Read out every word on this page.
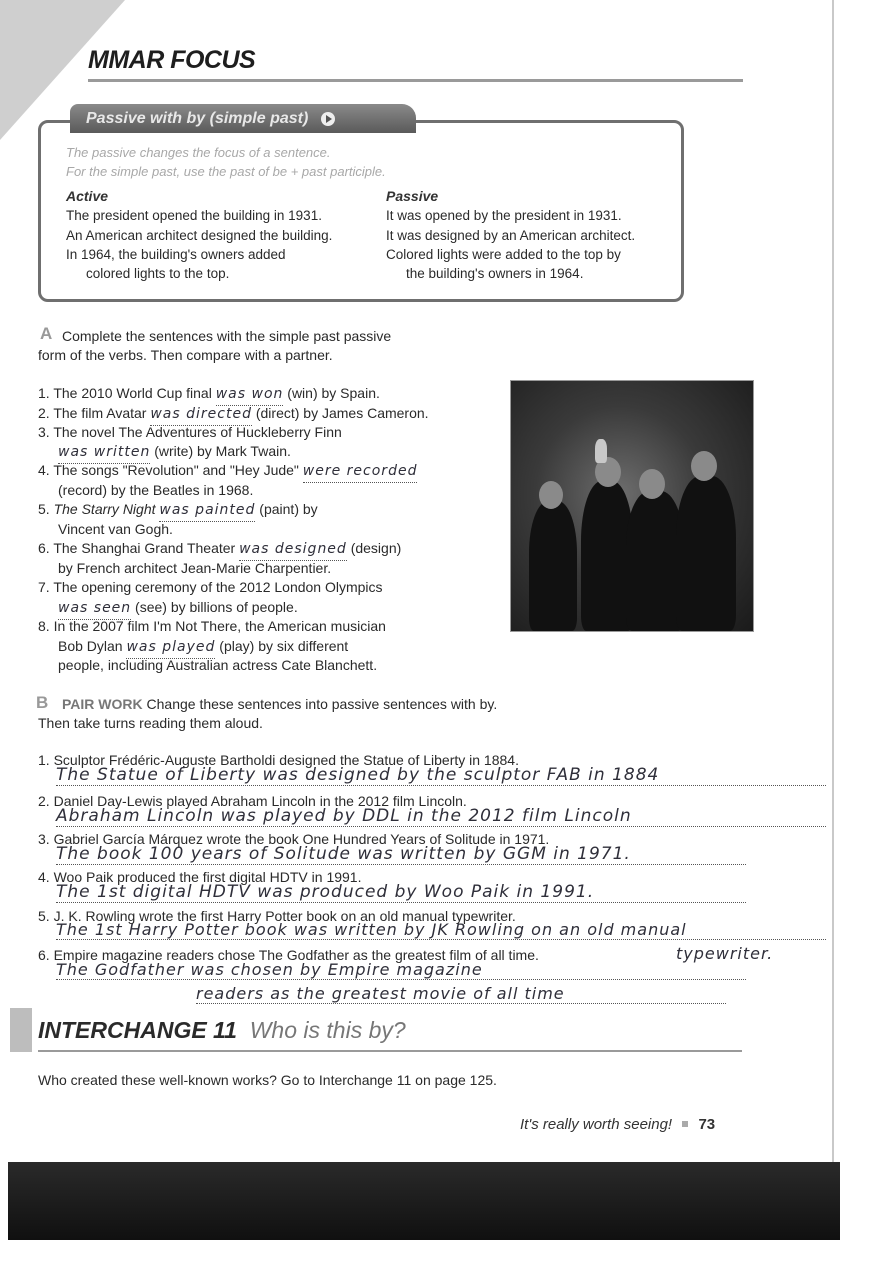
MMAR FOCUS
Passive with by (simple past)
The passive changes the focus of a sentence.
For the simple past, use the past of be + past participle.
Active	Passive
The president opened the building in 1931.
An American architect designed the building.
In 1964, the building's owners added
colored lights to the top.
It was opened by the president in 1931.
It was designed by an American architect.
Colored lights were added to the top by
the building's owners in 1964.
A Complete the sentences with the simple past passive
form of the verbs. Then compare with a partner.
1. The 2010 World Cup final was won (win) by Spain.
2. The film Avatar was directed (direct) by James Cameron.
3. The novel The Adventures of Huckleberry Finn
was written (write) by Mark Twain.
4. The songs "Revolution" and "Hey Jude" were recorded
(record) by the Beatles in 1968.
5. The Starry Night was painted (paint) by
Vincent van Gogh.
6. The Shanghai Grand Theater was designed (design)
by French architect Jean-Marie Charpentier.
7. The opening ceremony of the 2012 London Olympics
was seen (see) by billions of people.
8. In the 2007 film I'm Not There, the American musician
Bob Dylan was played (play) by six different
people, including Australian actress Cate Blanchett.
B PAIR WORK Change these sentences into passive sentences with by.
Then take turns reading them aloud.
1. Sculptor Frédéric-Auguste Bartholdi designed the Statue of Liberty in 1884.
The Statue of Liberty was designed by the sculptor FAB in 1884
2. Daniel Day-Lewis played Abraham Lincoln in the 2012 film Lincoln.
Abraham Lincoln was played by DDL in the 2012 film Lincoln
3. Gabriel García Márquez wrote the book One Hundred Years of Solitude in 1971.
The book 100 years of Solitude was written by GGM in 1971.
4. Woo Paik produced the first digital HDTV in 1991.
The 1st digital HDTV was produced by Woo Paik in 1991.
5. J. K. Rowling wrote the first Harry Potter book on an old manual typewriter.
The 1st Harry Potter book was written by JK Rowling on an old manual
typewriter.
6. Empire magazine readers chose The Godfather as the greatest film of all time.
The Godfather was chosen by Empire magazine
readers as the greatest movie of all time
INTERCHANGE 11 Who is this by?
Who created these well-known works? Go to Interchange 11 on page 125.
It's really worth seeing! 73
